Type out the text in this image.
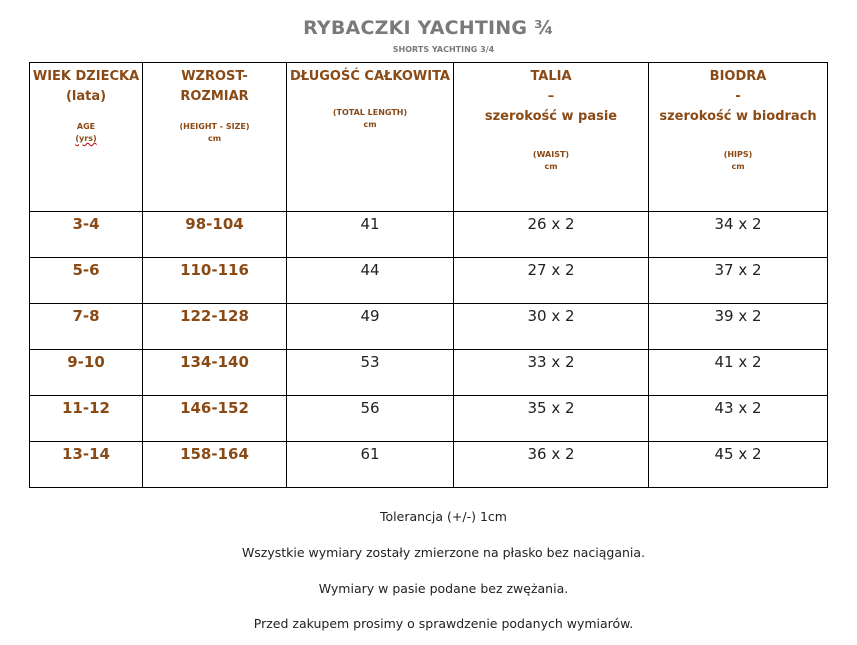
RYBACZKI YACHTING ¾
SHORTS YACHTING 3/4
WIEK DZIECKA
(lata)
AGE
(yrs)	WZROST-
ROZMIAR
(HEIGHT - SIZE)
cm	DŁUGOŚĆ CAŁKOWITA
(TOTAL LENGTH)
cm	TALIA
–
szerokość w pasie
(WAIST)
cm	BIODRA
-
szerokość w biodrach
(HIPS)
cm

3-4	98-104	41	26 x 2	34 x 2
5-6	110-116	44	27 x 2	37 x 2
7-8	122-128	49	30 x 2	39 x 2
9-10	134-140	53	33 x 2	41 x 2
11-12	146-152	56	35 x 2	43 x 2
13-14	158-164	61	36 x 2	45 x 2
Tolerancja (+/-) 1cm
Wszystkie wymiary zostały zmierzone na płasko bez naciągania.
Wymiary w pasie podane bez zwężania.
Przed zakupem prosimy o sprawdzenie podanych wymiarów.
